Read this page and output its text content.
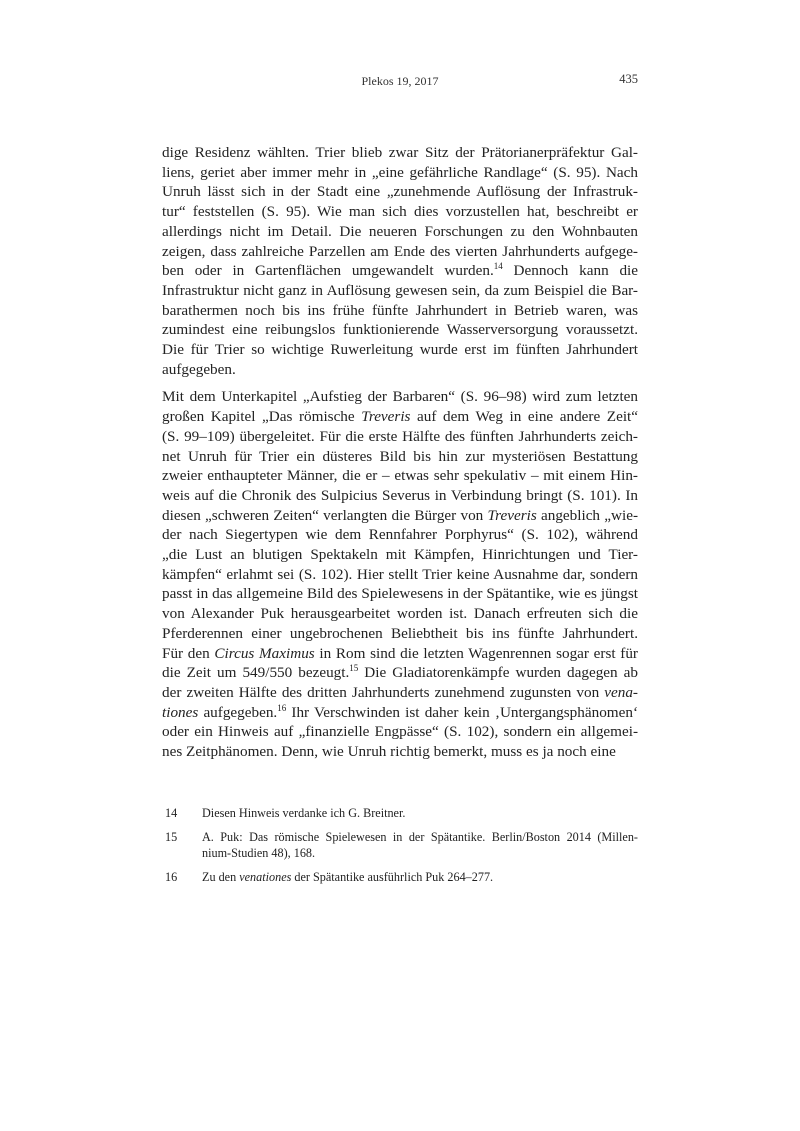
Plekos 19, 2017	435

dige Residenz wählten. Trier blieb zwar Sitz der Prätorianerpräfektur Gal-
liens, geriet aber immer mehr in „eine gefährliche Randlage“ (S. 95). Nach
Unruh lässt sich in der Stadt eine „zunehmende Auflösung der Infrastruk-
tur“ feststellen (S. 95). Wie man sich dies vorzustellen hat, beschreibt er
allerdings nicht im Detail. Die neueren Forschungen zu den Wohnbauten
zeigen, dass zahlreiche Parzellen am Ende des vierten Jahrhunderts aufgege-
ben oder in Gartenflächen umgewandelt wurden.$^{14}$ Dennoch kann die
Infrastruktur nicht ganz in Auflösung gewesen sein, da zum Beispiel die Bar-
barathermen noch bis ins frühe fünfte Jahrhundert in Betrieb waren, was
zumindest eine reibungslos funktionierende Wasserversorgung voraussetzt.
Die für Trier so wichtige Ruwerleitung wurde erst im fünften Jahrhundert
aufgegeben.

Mit dem Unterkapitel „Aufstieg der Barbaren“ (S. 96–98) wird zum letzten
großen Kapitel „Das römische Treveris auf dem Weg in eine andere Zeit“
(S. 99–109) übergeleitet. Für die erste Hälfte des fünften Jahrhunderts zeich-
net Unruh für Trier ein düsteres Bild bis hin zur mysteriösen Bestattung
zweier enthaupteter Männer, die er – etwas sehr spekulativ – mit einem Hin-
weis auf die Chronik des Sulpicius Severus in Verbindung bringt (S. 101). In
diesen „schweren Zeiten“ verlangten die Bürger von Treveris angeblich „wie-
der nach Siegertypen wie dem Rennfahrer Porphyrus“ (S. 102), während
„die Lust an blutigen Spektakeln mit Kämpfen, Hinrichtungen und Tier-
kämpfen“ erlahmt sei (S. 102). Hier stellt Trier keine Ausnahme dar, sondern
passt in das allgemeine Bild des Spielewesens in der Spätantike, wie es jüngst
von Alexander Puk herausgearbeitet worden ist. Danach erfreuten sich die
Pferderennen einer ungebrochenen Beliebtheit bis ins fünfte Jahrhundert.
Für den Circus Maximus in Rom sind die letzten Wagenrennen sogar erst für
die Zeit um 549/550 bezeugt.$^{15}$ Die Gladiatorenkämpfe wurden dagegen ab
der zweiten Hälfte des dritten Jahrhunderts zunehmend zugunsten von vena-
tiones aufgegeben.$^{16}$ Ihr Verschwinden ist daher kein ‚Untergangsphänomen‘
oder ein Hinweis auf „finanzielle Engpässe“ (S. 102), sondern ein allgemei-
nes Zeitphänomen. Denn, wie Unruh richtig bemerkt, muss es ja noch eine

14	Diesen Hinweis verdanke ich G. Breitner.
15	A. Puk: Das römische Spielewesen in der Spätantike. Berlin/Boston 2014 (Millen-
nium-Studien 48), 168.
16	Zu den venationes der Spätantike ausführlich Puk 264–277.
